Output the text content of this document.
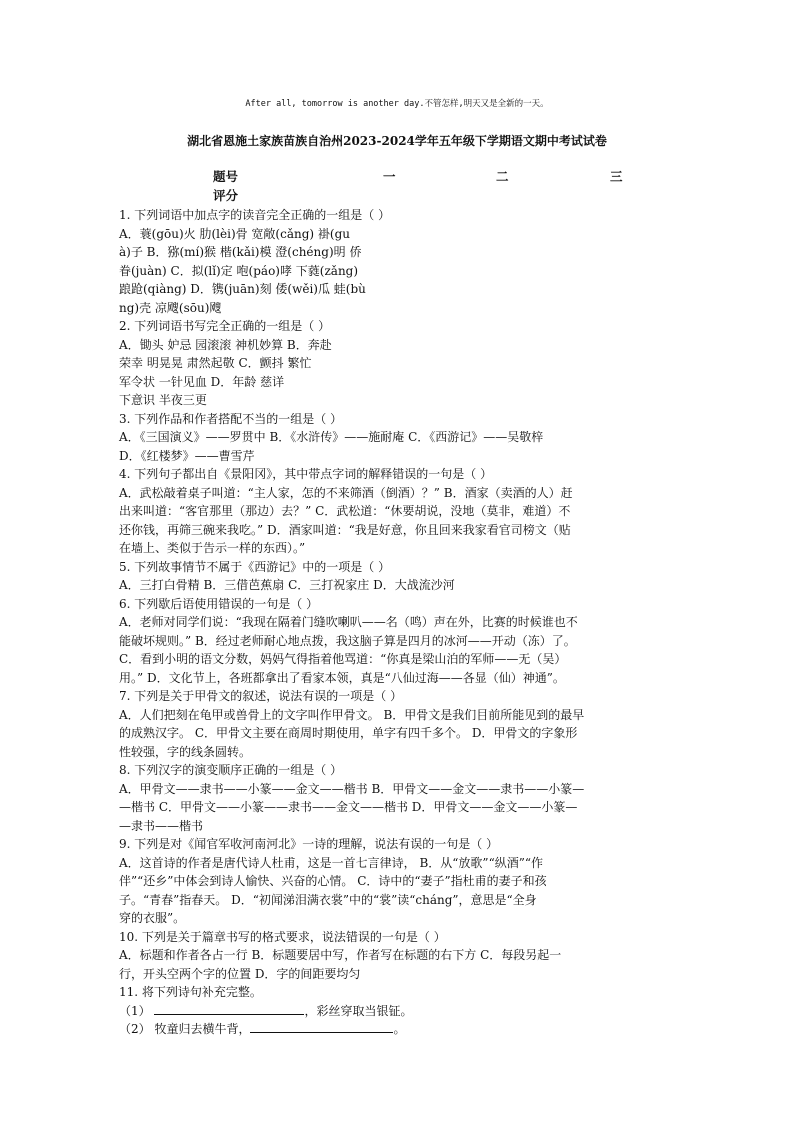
After all, tomorrow is another day.不管怎样,明天又是全新的一天。
湖北省恩施土家族苗族自治州2023-2024学年五年级下学期语文期中考试试卷
题号	一	二	三
评分
1. 下列词语中加点字的读音完全正确的一组是（ ）
A．蓑(gōu)火 肋(lèi)骨 宽敞(cǎng) 褂(gu
à)子 B．猕(mí)猴 楷(kǎi)模 澄(chéng)明 侨
眷(juàn) C．拟(lǐ)定 咆(páo)哮 下蕤(zǎng)
踉跄(qiàng) D．镌(juān)刻 倭(wěi)瓜 蛙(bù
ng)壳 凉飕(sōu)飕
2. 下列词语书写完全正确的一组是（ ）
A．锄头 妒忌 园滚滚 神机妙算 B．奔赴
荣幸 明晃晃 肃然起敬 C．颤抖 繁忙
军令状 一针见血 D．年龄 慈详
下意识 半夜三更
3. 下列作品和作者搭配不当的一组是（ ）
A．《三国演义》——罗贯中 B．《水浒传》——施耐庵 C．《西游记》——吴敬梓
D．《红楼梦》——曹雪芹
4. 下列句子都出自《景阳冈》，其中带点字词的解释错误的一句是（ ）
A．武松敲着桌子叫道：“主人家，怎的不来筛酒（倒酒）？” B．酒家（卖酒的人）赶
出来叫道：“客官那里（那边）去？” C．武松道：“休要胡说，没地（莫非，难道）不
还你钱，再筛三碗来我吃。” D．酒家叫道：“我是好意，你且回来我家看官司榜文（贴
在墙上、类似于告示一样的东西）。”
5. 下列故事情节不属于《西游记》中的一项是（ ）
A．三打白骨精 B．三借芭蕉扇 C．三打祝家庄 D．大战流沙河
6. 下列歇后语使用错误的一句是（ ）
A．老师对同学们说：“我现在隔着门缝吹喇叭——名（鸣）声在外，比赛的时候谁也不
能破坏规则。” B．经过老师耐心地点拨，我这脑子算是四月的冰河——开动（冻）了。
C．看到小明的语文分数，妈妈气得指着他骂道：“你真是梁山泊的军师——无（吴）
用。” D．文化节上，各班都拿出了看家本领，真是“八仙过海——各显（仙）神通”。
7. 下列是关于甲骨文的叙述，说法有误的一项是（ ）
A．人们把刻在龟甲或兽骨上的文字叫作甲骨文。 B．甲骨文是我们目前所能见到的最早
的成熟汉字。 C．甲骨文主要在商周时期使用，单字有四千多个。 D．甲骨文的字象形
性较强，字的线条圆转。
8. 下列汉字的演变顺序正确的一组是（ ）
A．甲骨文——隶书——小篆——金文——楷书 B．甲骨文——金文——隶书——小篆—
—楷书 C．甲骨文——小篆——隶书——金文——楷书 D．甲骨文——金文——小篆—
—隶书——楷书
9. 下列是对《闻官军收河南河北》一诗的理解，说法有误的一句是（ ）
A．这首诗的作者是唐代诗人杜甫，这是一首七言律诗， B．从“放歌”“纵酒”“作
伴”“还乡”中体会到诗人愉快、兴奋的心情。 C．诗中的“妻子”指杜甫的妻子和孩
子。“青春”指春天。 D．“初闻涕泪满衣裳”中的“裳”读“cháng”，意思是“全身
穿的衣服”。
10. 下列是关于篇章书写的格式要求，说法错误的一句是（ ）
A．标题和作者各占一行 B．标题要居中写，作者写在标题的右下方 C．每段另起一
行，开头空两个字的位置 D．字的间距要均匀
11. 将下列诗句补充完整。
（1）	，彩丝穿取当银钲。
（2） 牧童归去横牛背，	。
